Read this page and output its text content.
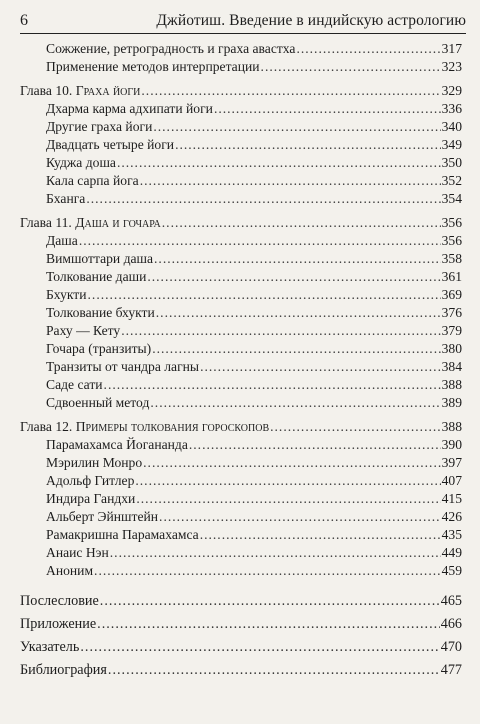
6	Джйотиш. Введение в индийскую астрологию
Сожжение, ретроградность и граха авастха .....	317
Применение методов интерпретации .....	323
Глава 10. Граха йоги .....	329
Дхарма карма адхипати йоги .....	336
Другие граха йоги .....	340
Двадцать четыре йоги .....	349
Куджа доша .....	350
Кала сарпа йога .....	352
Бханга .....	354
Глава 11. Даша и гочара .....	356
Даша .....	356
Вимшоттари даша .....	358
Толкование даши .....	361
Бхукти .....	369
Толкование бхукти .....	376
Раху — Кету .....	379
Гочара (транзиты) .....	380
Транзиты от чандра лагны .....	384
Саде сати .....	388
Сдвоенный метод .....	389
Глава 12. Примеры толкования гороскопов .....	388
Парамахамса Йогананда .....	390
Мэрилин Монро .....	397
Адольф Гитлер .....	407
Индира Гандхи .....	415
Альберт Эйнштейн .....	426
Рамакришна Парамахамса .....	435
Анаис Нэн .....	449
Аноним .....	459
Послесловие .....	465
Приложение .....	466
Указатель .....	470
Библиография .....	477
